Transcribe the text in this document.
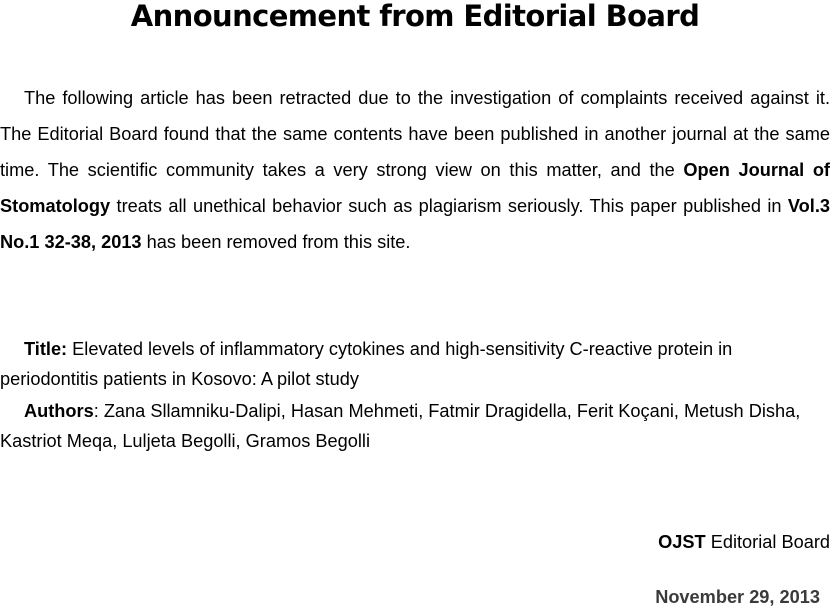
Announcement from Editorial Board

The following article has been retracted due to the investigation of complaints received against it. The Editorial Board found that the same contents have been published in another journal at the same time. The scientific community takes a very strong view on this matter, and the Open Journal of Stomatology treats all unethical behavior such as plagiarism seriously. This paper published in Vol.3 No.1 32-38, 2013 has been removed from this site.

Title: Elevated levels of inflammatory cytokines and high-sensitivity C-reactive protein in periodontitis patients in Kosovo: A pilot study

Authors: Zana Sllamniku-Dalipi, Hasan Mehmeti, Fatmir Dragidella, Ferit Koçani, Metush Disha, Kastriot Meqa, Luljeta Begolli, Gramos Begolli

OJST Editorial Board

November 29, 2013
